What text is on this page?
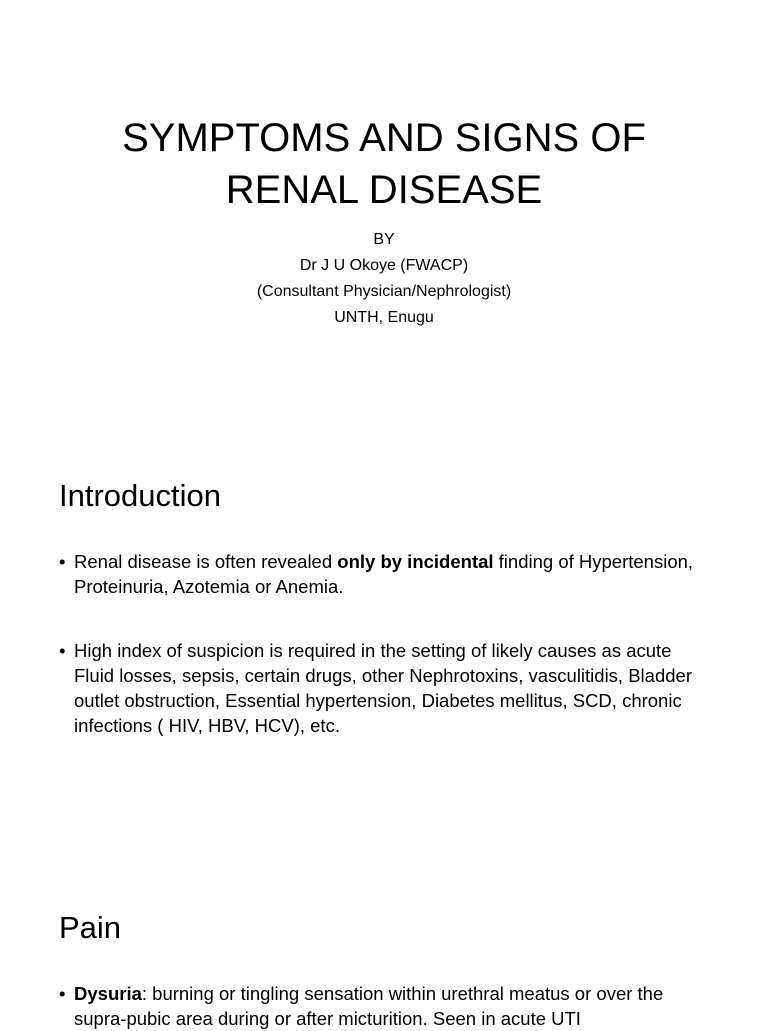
SYMPTOMS AND SIGNS OF
RENAL DISEASE
BY
Dr J U Okoye (FWACP)
(Consultant Physician/Nephrologist)
UNTH, Enugu
Introduction
• Renal disease is often revealed only by incidental finding of Hypertension, Proteinuria, Azotemia or Anemia.
• High index of suspicion is required in the setting of likely causes as acute Fluid losses, sepsis, certain drugs, other Nephrotoxins, vasculitidis, Bladder outlet obstruction, Essential hypertension, Diabetes mellitus, SCD, chronic infections ( HIV, HBV, HCV), etc.
Pain
• Dysuria: burning or tingling sensation within urethral meatus or over the supra-pubic area during or after micturition. Seen in acute UTI
